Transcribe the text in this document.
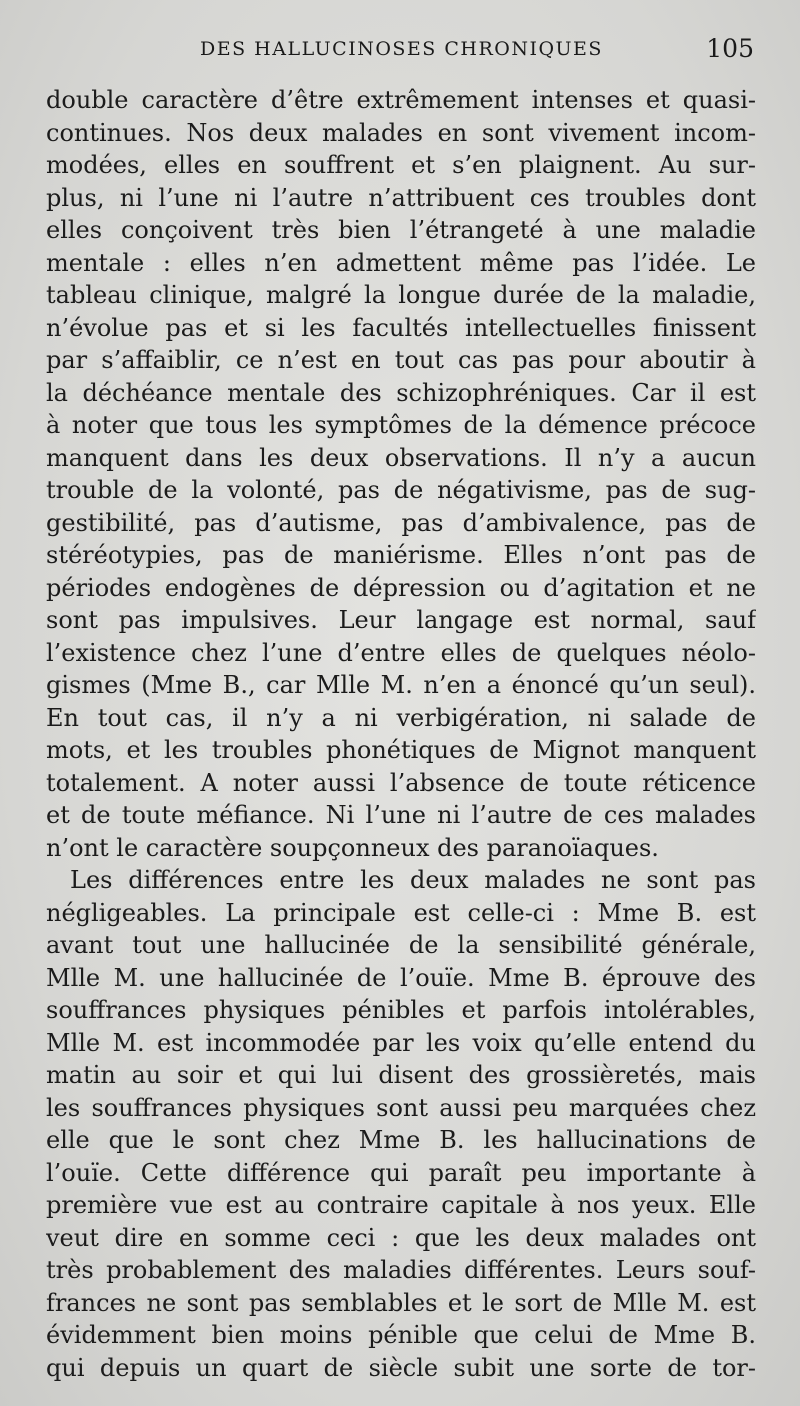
DES HALLUCINOSES CHRONIQUES	105
double caractère d’être extrêmement intenses et quasi-
continues. Nos deux malades en sont vivement incom-
modées, elles en souffrent et s’en plaignent. Au sur-
plus, ni l’une ni l’autre n’attribuent ces troubles dont
elles conçoivent très bien l’étrangeté à une maladie
mentale : elles n’en admettent même pas l’idée. Le
tableau clinique, malgré la longue durée de la maladie,
n’évolue pas et si les facultés intellectuelles finissent
par s’affaiblir, ce n’est en tout cas pas pour aboutir à
la déchéance mentale des schizophréniques. Car il est
à noter que tous les symptômes de la démence précoce
manquent dans les deux observations. Il n’y a aucun
trouble de la volonté, pas de négativisme, pas de sug-
gestibilité, pas d’autisme, pas d’ambivalence, pas de
stéréotypies, pas de maniérisme. Elles n’ont pas de
périodes endogènes de dépression ou d’agitation et ne
sont pas impulsives. Leur langage est normal, sauf
l’existence chez l’une d’entre elles de quelques néolo-
gismes (Mme B., car Mlle M. n’en a énoncé qu’un seul).
En tout cas, il n’y a ni verbigération, ni salade de
mots, et les troubles phonétiques de Mignot manquent
totalement. A noter aussi l’absence de toute réticence
et de toute méfiance. Ni l’une ni l’autre de ces malades
n’ont le caractère soupçonneux des paranoïaques.
Les différences entre les deux malades ne sont pas
négligeables. La principale est celle-ci : Mme B. est
avant tout une hallucinée de la sensibilité générale,
Mlle M. une hallucinée de l’ouïe. Mme B. éprouve des
souffrances physiques pénibles et parfois intolérables,
Mlle M. est incommodée par les voix qu’elle entend du
matin au soir et qui lui disent des grossièretés, mais
les souffrances physiques sont aussi peu marquées chez
elle que le sont chez Mme B. les hallucinations de
l’ouïe. Cette différence qui paraît peu importante à
première vue est au contraire capitale à nos yeux. Elle
veut dire en somme ceci : que les deux malades ont
très probablement des maladies différentes. Leurs souf-
frances ne sont pas semblables et le sort de Mlle M. est
évidemment bien moins pénible que celui de Mme B.
qui depuis un quart de siècle subit une sorte de tor-
